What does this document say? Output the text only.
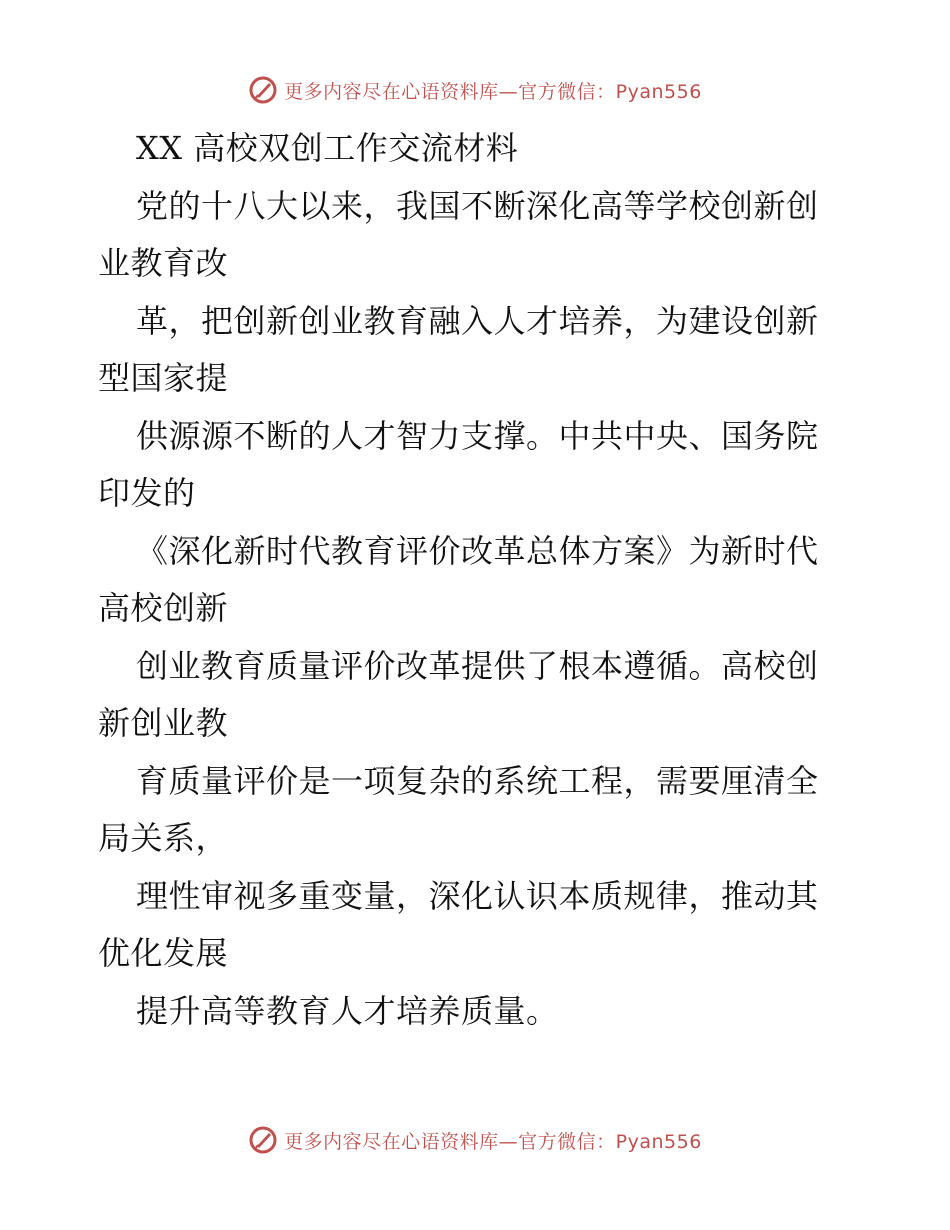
更多内容尽在心语资料库—官方微信：Pyan556
XX 高校双创工作交流材料
党的十八大以来，我国不断深化高等学校创新创
业教育改
革，把创新创业教育融入人才培养，为建设创新
型国家提
供源源不断的人才智力支撑。中共中央、国务院
印发的
《深化新时代教育评价改革总体方案》为新时代
高校创新
创业教育质量评价改革提供了根本遵循。高校创
新创业教
育质量评价是一项复杂的系统工程，需要厘清全
局关系，
理性审视多重变量，深化认识本质规律，推动其
优化发展
提升高等教育人才培养质量。
更多内容尽在心语资料库—官方微信：Pyan556
